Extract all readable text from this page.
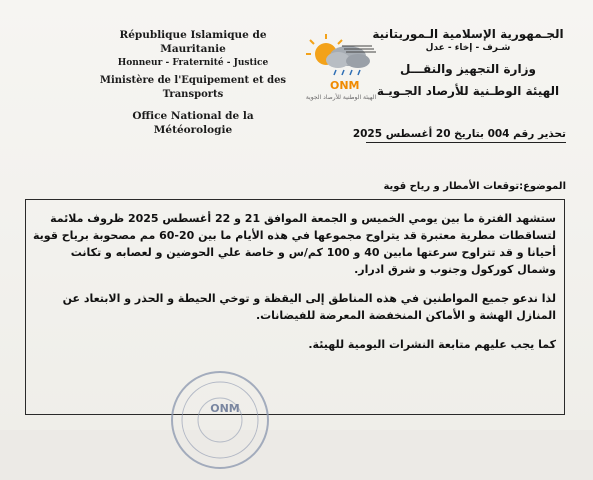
République Islamique de Mauritanie
Honneur - Fraternité - Justice
Ministère de l'Equipement et des Transports
Office National de la Météorologie
ONM
الهيئة الوطنية للأرصاد الجوية
الجـمهورية الإسلامية الـموريتانية
شـرف - إخاء - عدل
وزارة التجهيز والنقـــل
الهيئة الوطـنية للأرصاد الجـويـة
تحذير رقم 004 بتاريخ 20 أغسطس 2025
الموضوع:توقعات الأمطار و رياح قوية

ستشهد الفترة ما بين يومي الخميس و الجمعة الموافق 21 و 22 أغسطس 2025 ظروف ملائمة لتساقطات مطرية معتبرة قد يتراوح مجموعها في هذه الأيام ما بين 20-60 مم مصحوبة برياح قوية أحيانا و قد تتراوح سرعتها مابين 40 و 100 كم/س و خاصة علي الحوضين و لعصابه و تكانت وشمال كوركول وجنوب و شرق ادرار.

لذا ندعو جميع المواطنين في هذه المناطق إلى اليقظة و توخي الحيطة و الحذر و الابتعاد عن المنازل الهشة و الأماكن المنخفضة المعرضة للفيضانات.

كما يجب عليهم متابعة النشرات اليومية للهيئة.

ONM
